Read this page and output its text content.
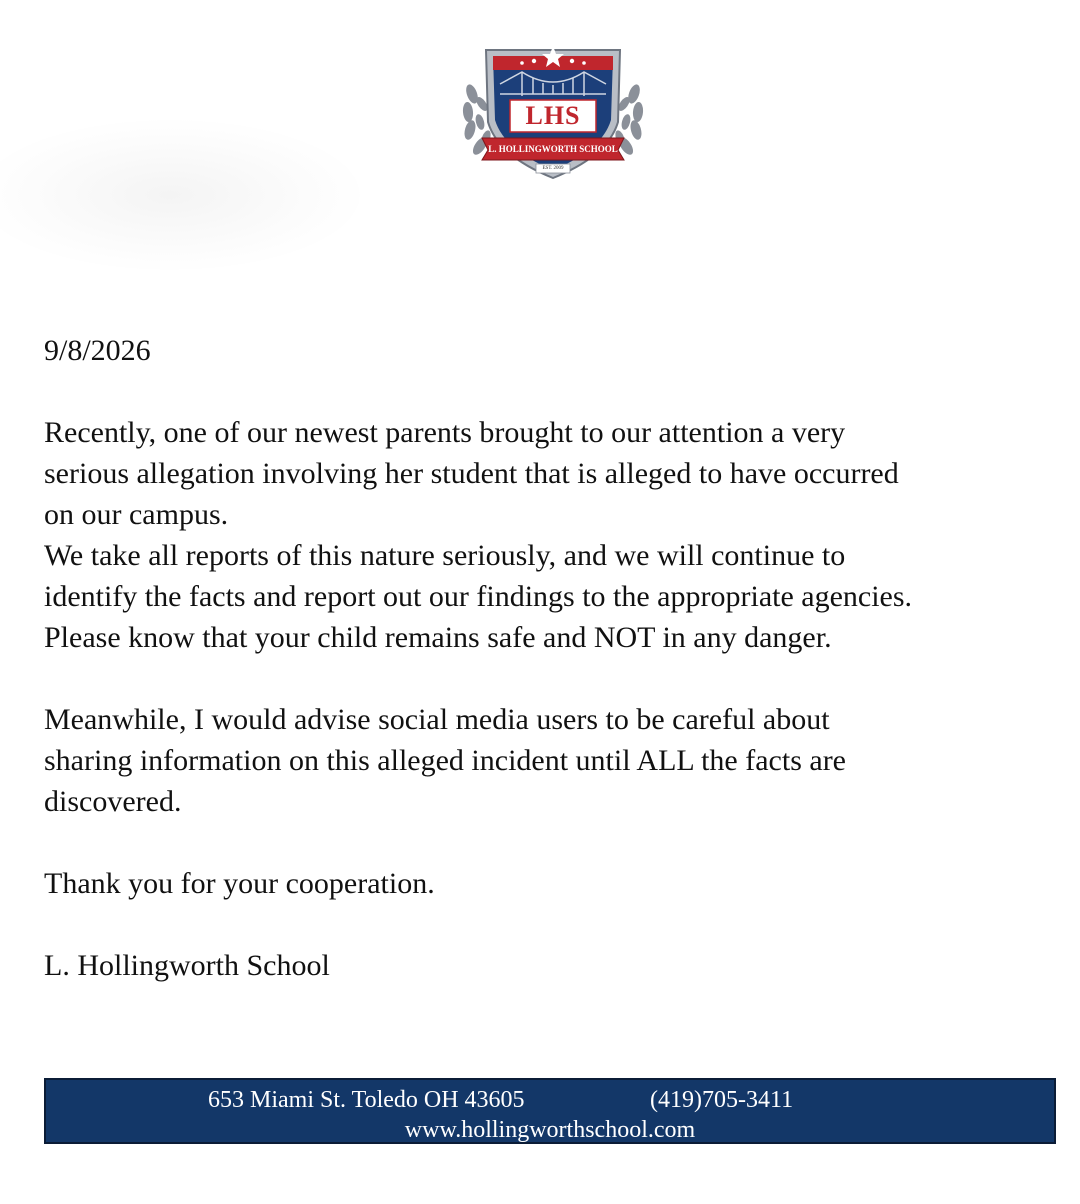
LHS
L. HOLLINGWORTH SCHOOL
EST. 2009

9/8/2026

Recently, one of our newest parents brought to our attention a very
serious allegation involving her student that is alleged to have occurred
on our campus.
We take all reports of this nature seriously, and we will continue to
identify the facts and report out our findings to the appropriate agencies.
Please know that your child remains safe and NOT in any danger.

Meanwhile, I would advise social media users to be careful about
sharing information on this alleged incident until ALL the facts are
discovered.

Thank you for your cooperation.

L. Hollingworth School

653 Miami St. Toledo OH 43605	(419)705-3411
www.hollingworthschool.com
